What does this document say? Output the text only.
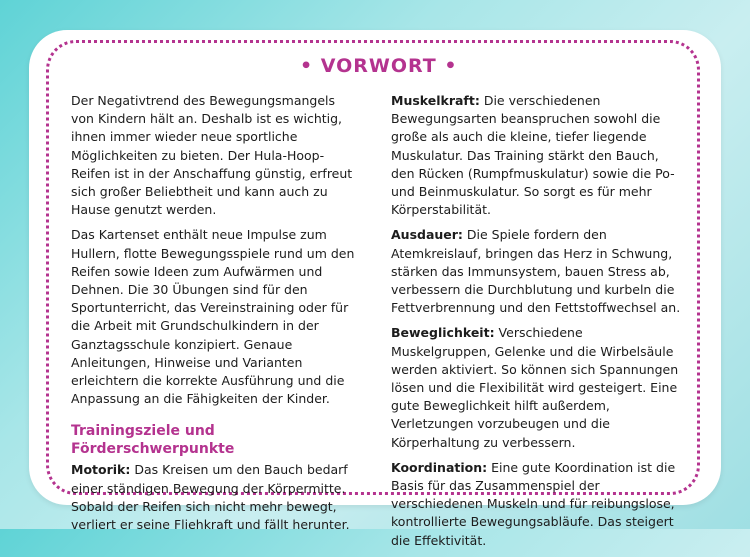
• VORWORT •

Der Negativtrend des Bewegungsmangels von Kindern hält an. Deshalb ist es wichtig, ihnen immer wieder neue sportliche Möglichkeiten zu bieten. Der Hula-Hoop-Reifen ist in der Anschaffung günstig, erfreut sich großer Beliebtheit und kann auch zu Hause genutzt werden.

Das Kartenset enthält neue Impulse zum Hullern, flotte Bewegungsspiele rund um den Reifen sowie Ideen zum Aufwärmen und Dehnen. Die 30 Übungen sind für den Sportunterricht, das Vereinstraining oder für die Arbeit mit Grundschulkindern in der Ganztagsschule konzipiert. Genaue Anleitungen, Hinweise und Varianten erleichtern die korrekte Ausführung und die Anpassung an die Fähigkeiten der Kinder.

Trainingsziele und Förderschwerpunkte

Motorik: Das Kreisen um den Bauch bedarf einer ständigen Bewegung der Körpermitte. Sobald der Reifen sich nicht mehr bewegt, verliert er seine Fliehkraft und fällt herunter.

Muskelkraft: Die verschiedenen Bewegungsarten beanspruchen sowohl die große als auch die kleine, tiefer liegende Muskulatur. Das Training stärkt den Bauch, den Rücken (Rumpfmuskulatur) sowie die Po- und Beinmuskulatur. So sorgt es für mehr Körperstabilität.

Ausdauer: Die Spiele fordern den Atemkreislauf, bringen das Herz in Schwung, stärken das Immunsystem, bauen Stress ab, verbessern die Durchblutung und kurbeln die Fettverbrennung und den Fettstoffwechsel an.

Beweglichkeit: Verschiedene Muskelgruppen, Gelenke und die Wirbelsäule werden aktiviert. So können sich Spannungen lösen und die Flexibilität wird gesteigert. Eine gute Beweglichkeit hilft außerdem, Verletzungen vorzubeugen und die Körperhaltung zu verbessern.

Koordination: Eine gute Koordination ist die Basis für das Zusammenspiel der verschiedenen Muskeln und für reibungslose, kontrollierte Bewegungsabläufe. Das steigert die Effektivität.
